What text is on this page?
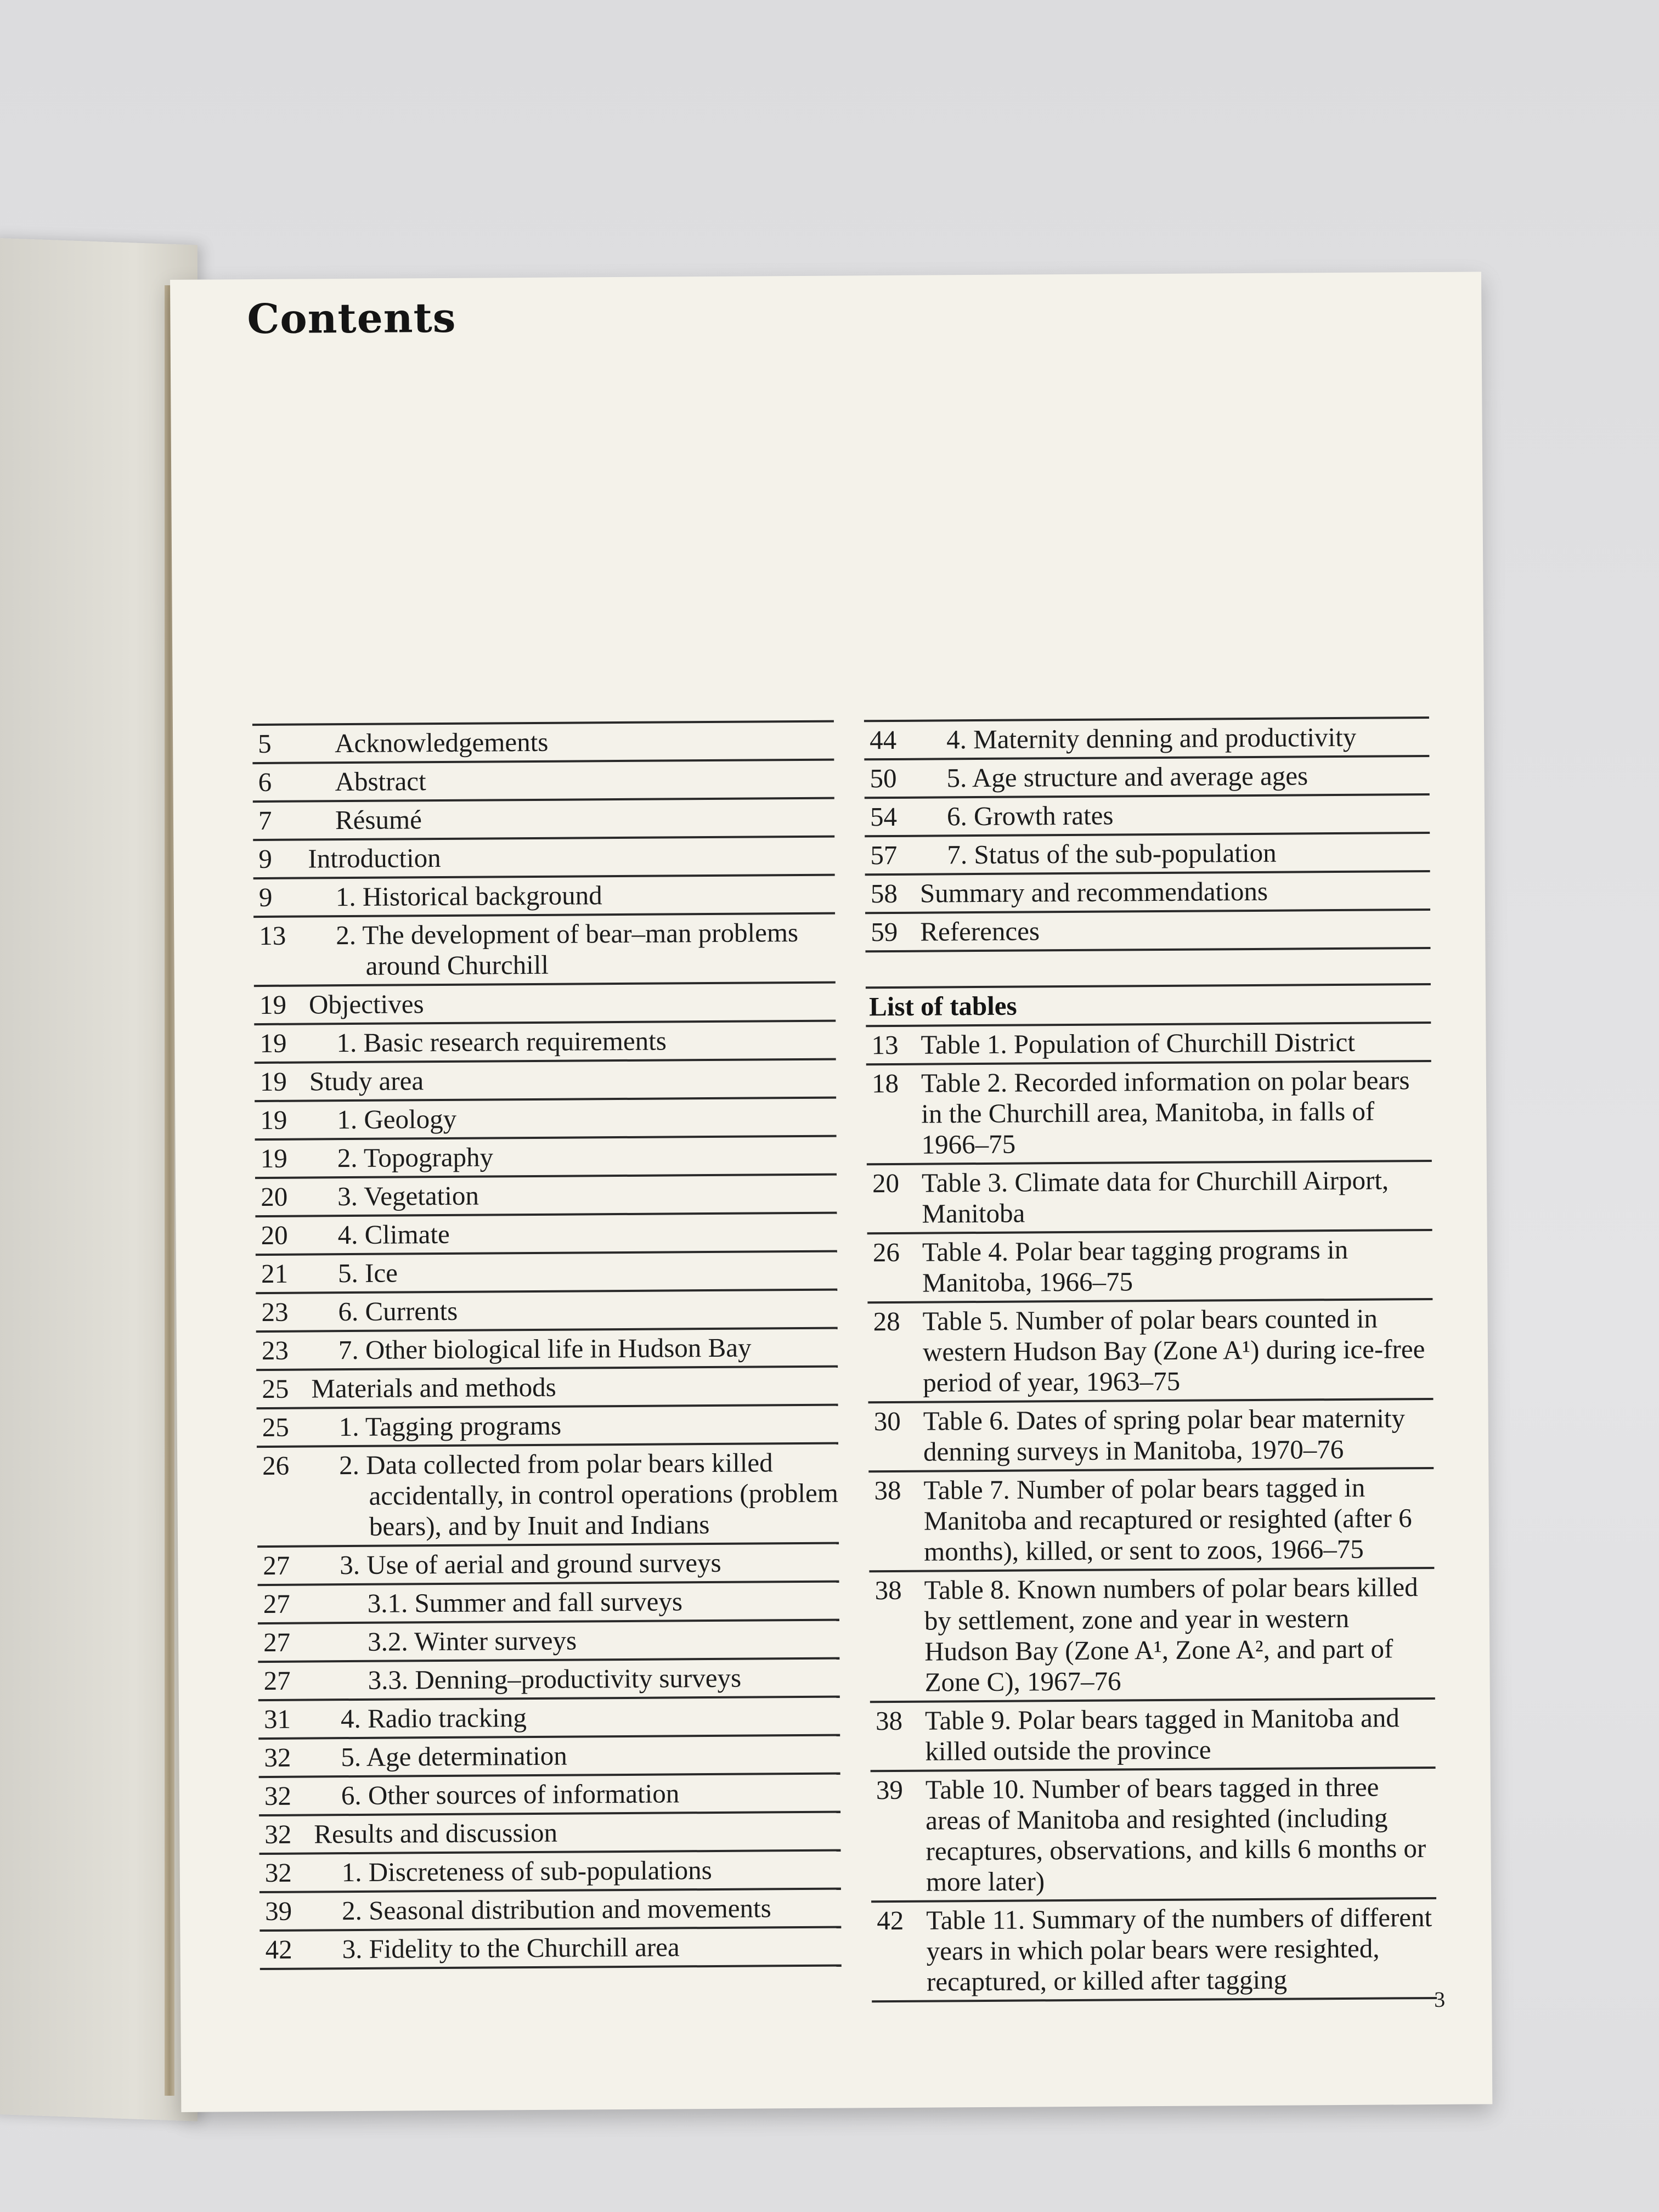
Contents
5	Acknowledgements
6	Abstract
7	Résumé
9	Introduction
9	1. Historical background
13	2. The development of bear–man problems around Churchill
19 Objectives
19	1. Basic research requirements
19 Study area
19	1. Geology
19	2. Topography
20	3. Vegetation
20	4. Climate
21	5. Ice
23	6. Currents
23	7. Other biological life in Hudson Bay
25 Materials and methods
25	1. Tagging programs
26	2. Data collected from polar bears killed accidentally, in control operations (problem bears), and by Inuit and Indians
27	3. Use of aerial and ground surveys
27	3.1. Summer and fall surveys
27	3.2. Winter surveys
27	3.3. Denning–productivity surveys
31	4. Radio tracking
32	5. Age determination
32	6. Other sources of information
32 Results and discussion
32	1. Discreteness of sub-populations
39	2. Seasonal distribution and movements
42	3. Fidelity to the Churchill area
44	4. Maternity denning and productivity
50	5. Age structure and average ages
54	6. Growth rates
57	7. Status of the sub-population
58 Summary and recommendations
59 References
List of tables
13 Table 1. Population of Churchill District
18 Table 2. Recorded information on polar bears in the Churchill area, Manitoba, in falls of 1966–75
20 Table 3. Climate data for Churchill Airport, Manitoba
26 Table 4. Polar bear tagging programs in Manitoba, 1966–75
28 Table 5. Number of polar bears counted in western Hudson Bay (Zone A¹) during ice-free period of year, 1963–75
30 Table 6. Dates of spring polar bear maternity denning surveys in Manitoba, 1970–76
38 Table 7. Number of polar bears tagged in Manitoba and recaptured or resighted (after 6 months), killed, or sent to zoos, 1966–75
38 Table 8. Known numbers of polar bears killed by settlement, zone and year in western Hudson Bay (Zone A¹, Zone A², and part of Zone C), 1967–76
38 Table 9. Polar bears tagged in Manitoba and killed outside the province
39 Table 10. Number of bears tagged in three areas of Manitoba and resighted (including recaptures, observations, and kills 6 months or more later)
42 Table 11. Summary of the numbers of different years in which polar bears were resighted, recaptured, or killed after tagging
3
